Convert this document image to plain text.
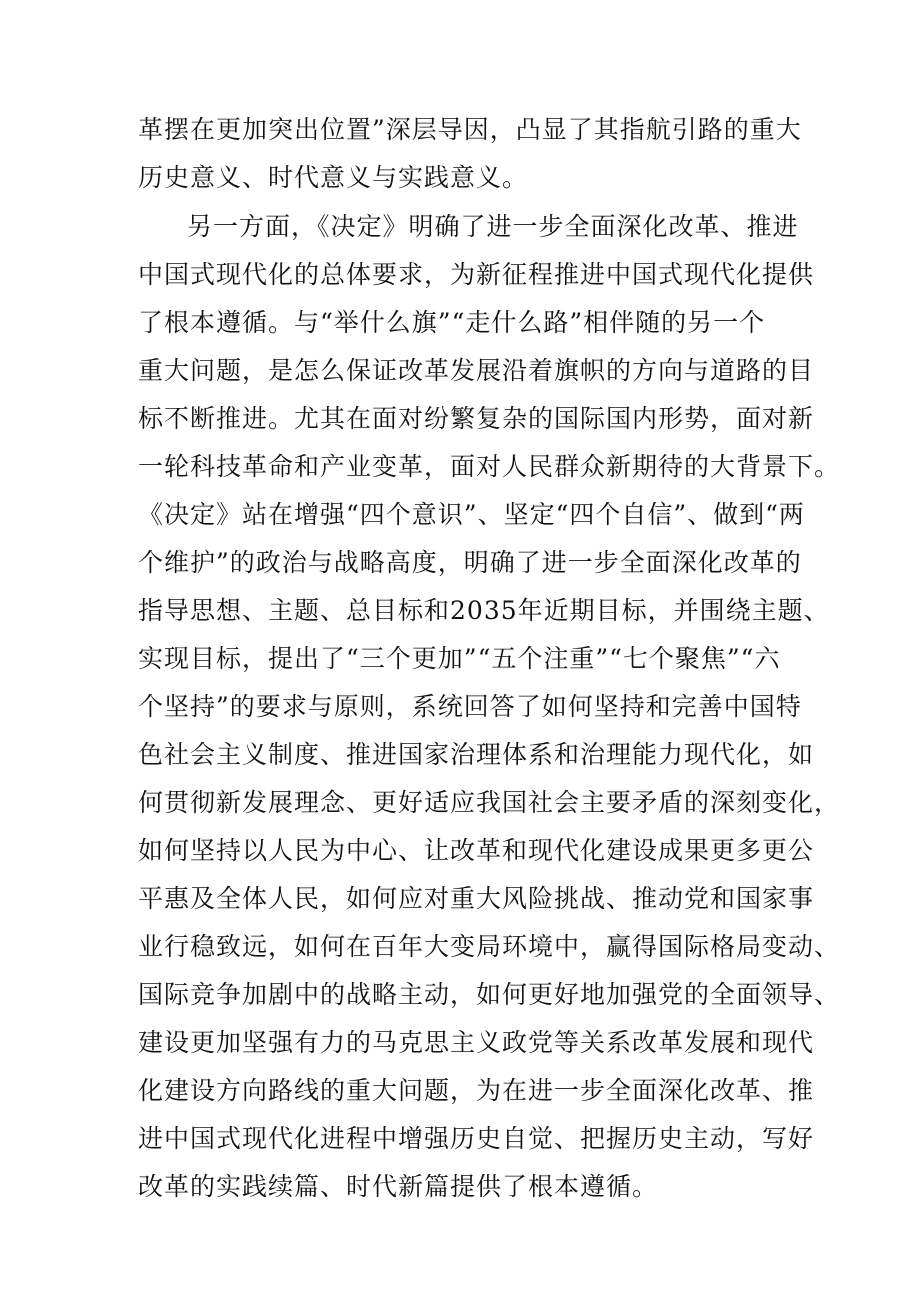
革摆在更加突出位置”深层导因，凸显了其指航引路的重大
历史意义、时代意义与实践意义。
另一方面，《决定》明确了进一步全面深化改革、推进
中国式现代化的总体要求，为新征程推进中国式现代化提供
了根本遵循。与“举什么旗”“走什么路”相伴随的另一个
重大问题，是怎么保证改革发展沿着旗帜的方向与道路的目
标不断推进。尤其在面对纷繁复杂的国际国内形势，面对新
一轮科技革命和产业变革，面对人民群众新期待的大背景下。
《决定》站在增强“四个意识”、坚定“四个自信”、做到“两
个维护”的政治与战略高度，明确了进一步全面深化改革的
指导思想、主题、总目标和2035年近期目标，并围绕主题、
实现目标，提出了“三个更加”“五个注重”“七个聚焦”“六
个坚持”的要求与原则，系统回答了如何坚持和完善中国特
色社会主义制度、推进国家治理体系和治理能力现代化，如
何贯彻新发展理念、更好适应我国社会主要矛盾的深刻变化，
如何坚持以人民为中心、让改革和现代化建设成果更多更公
平惠及全体人民，如何应对重大风险挑战、推动党和国家事
业行稳致远，如何在百年大变局环境中，赢得国际格局变动、
国际竞争加剧中的战略主动，如何更好地加强党的全面领导、
建设更加坚强有力的马克思主义政党等关系改革发展和现代
化建设方向路线的重大问题，为在进一步全面深化改革、推
进中国式现代化进程中增强历史自觉、把握历史主动，写好
改革的实践续篇、时代新篇提供了根本遵循。
